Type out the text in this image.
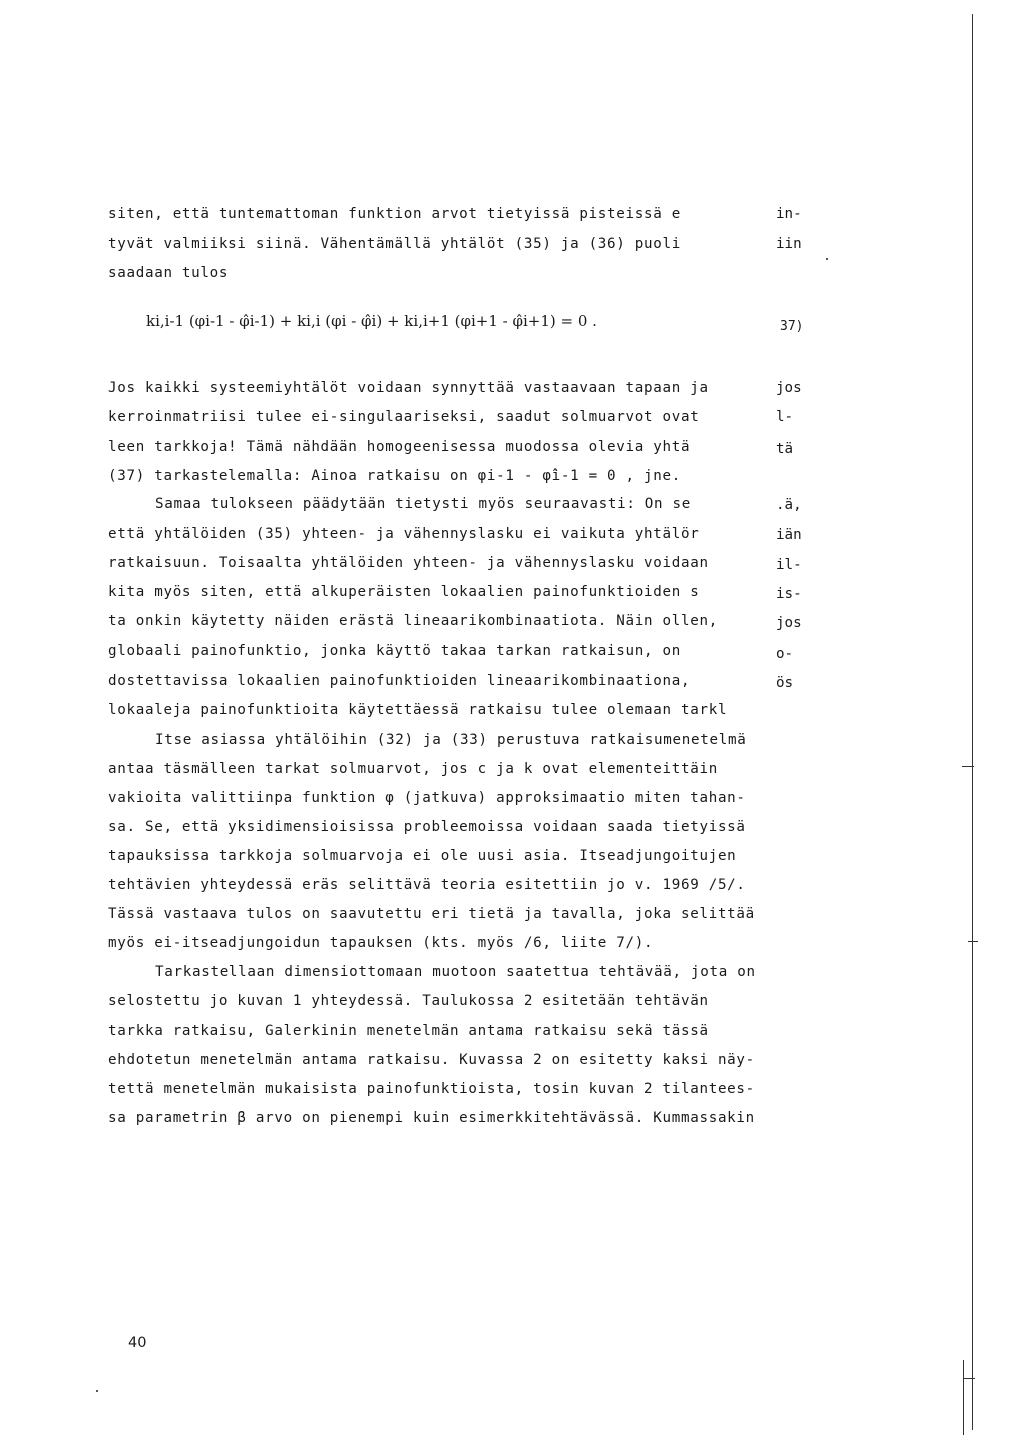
siten, että tuntemattoman funktion arvot tietyissä pisteissä e
tyvät valmiiksi siinä. Vähentämällä yhtälöt (35) ja (36) puoli
saadaan tulos
ki,i-1 (φi-1 - φ̂i-1) + ki,i (φi - φ̂i) + ki,i+1 (φi+1 - φ̂i+1) = 0 .	37)
Jos kaikki systeemiyhtälöt voidaan synnyttää vastaavaan tapaan ja
kerroinmatriisi tulee ei-singulaariseksi, saadut solmuarvot ovat
leen tarkkoja! Tämä nähdään homogeenisessa muodossa olevia yhtä
(37) tarkastelemalla: Ainoa ratkaisu on φi-1 - φ̂i-1 = 0 , jne.
Samaa tulokseen päädytään tietysti myös seuraavasti: On se
että yhtälöiden (35) yhteen- ja vähennyslasku ei vaikuta yhtälör
ratkaisuun. Toisaalta yhtälöiden yhteen- ja vähennyslasku voidaan
kita myös siten, että alkuperäisten lokaalien painofunktioiden s
ta onkin käytetty näiden erästä lineaarikombinaatiota. Näin ollen,
globaali painofunktio, jonka käyttö takaa tarkan ratkaisun, on
dostettavissa lokaalien painofunktioiden lineaarikombinaationa,
lokaaleja painofunktioita käytettäessä ratkaisu tulee olemaan tarkl
Itse asiassa yhtälöihin (32) ja (33) perustuva ratkaisumenetelmä
antaa täsmälleen tarkat solmuarvot, jos c ja k ovat elementeittäin
vakioita valittiinpa funktion φ (jatkuva) approksimaatio miten tahan-
sa. Se, että yksidimensioisissa probleemoissa voidaan saada tietyissä
tapauksissa tarkkoja solmuarvoja ei ole uusi asia. Itseadjungoitujen
tehtävien yhteydessä eräs selittävä teoria esitettiin jo v. 1969 /5/.
Tässä vastaava tulos on saavutettu eri tietä ja tavalla, joka selittää
myös ei-itseadjungoidun tapauksen (kts. myös /6, liite 7/).
Tarkastellaan dimensiottomaan muotoon saatettua tehtävää, jota on
selostettu jo kuvan 1 yhteydessä. Taulukossa 2 esitetään tehtävän
tarkka ratkaisu, Galerkinin menetelmän antama ratkaisu sekä tässä
ehdotetun menetelmän antama ratkaisu. Kuvassa 2 on esitetty kaksi näy-
tettä menetelmän mukaisista painofunktioista, tosin kuvan 2 tilantees-
sa parametrin β arvo on pienempi kuin esimerkkitehtävässä. Kummassakin
in-
iin
jos
l-
tä
.ä,
iän
il-
is-
jos
o-
ös
40
